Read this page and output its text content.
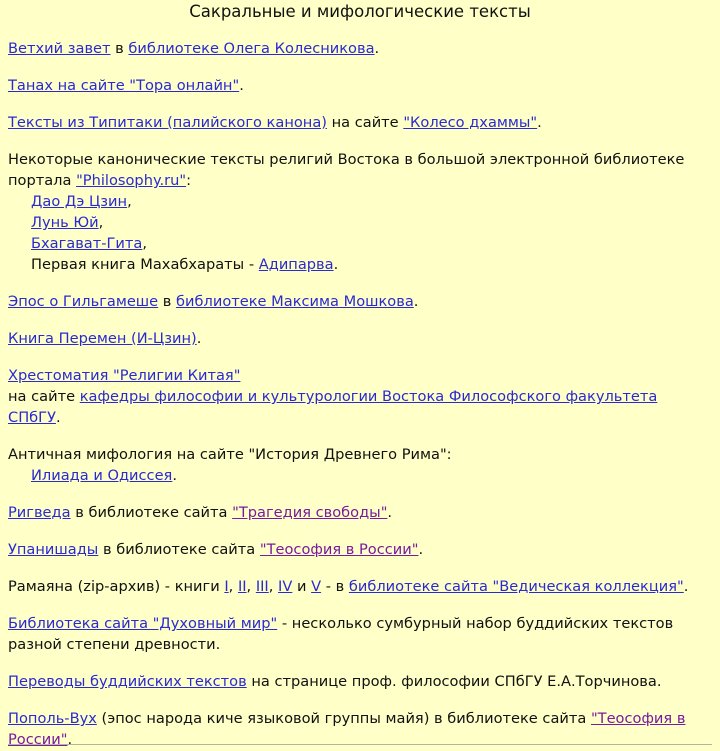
Сакральные и мифологические тексты
Ветхий завет в библиотеке Олега Колесникова.
Танах на сайте "Тора онлайн".
Тексты из Типитаки (палийского канона) на сайте "Колесо дхаммы".
Некоторые канонические тексты религий Востока в большой электронной библиотеке портала "Philosophy.ru":
Дао Дэ Цзин,
Лунь Юй,
Бхагават-Гита,
Первая книга Махабхараты - Адипарва.
Эпос о Гильгамеше в библиотеке Максима Мошкова.
Книга Перемен (И-Цзин).
Хрестоматия "Религии Китая"
на сайте кафедры философии и культурологии Востока Философского факультета СПбГУ.
Античная мифология на сайте "История Древнего Рима":
Илиада и Одиссея.
Ригведа в библиотеке сайта "Трагедия свободы".
Упанишады в библиотеке сайта "Теософия в России".
Рамаяна (zip-архив) - книги I, II, III, IV и V - в библиотеке сайта "Ведическая коллекция".
Библиотека сайта "Духовный мир" - несколько сумбурный набор буддийских текстов разной степени древности.
Переводы буддийских текстов на странице проф. философии СПбГУ Е.А.Торчинова.
Пополь-Вух (эпос народа киче языковой группы майя) в библиотеке сайта "Теософия в России".
